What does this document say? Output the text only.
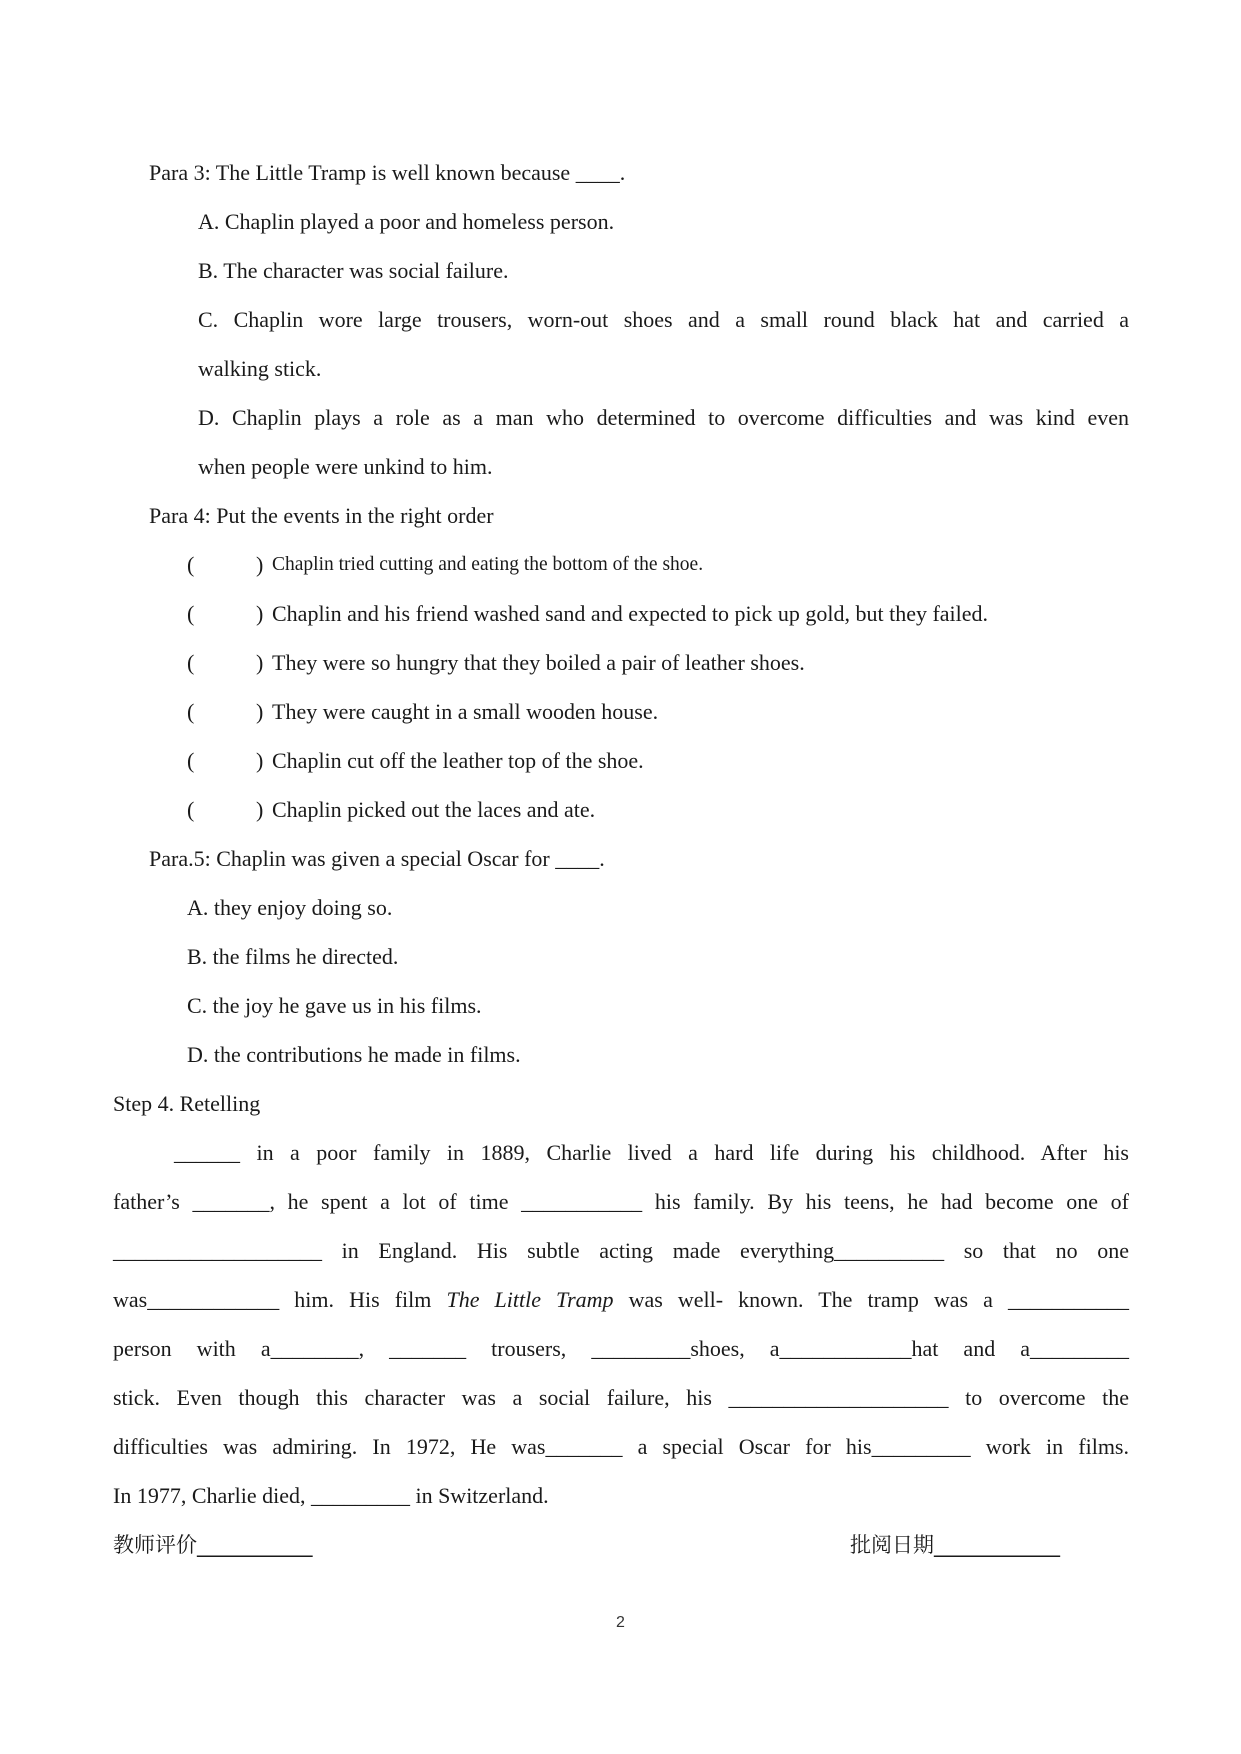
Para 3: The Little Tramp is well known because ____.
A. Chaplin played a poor and homeless person.
B. The character was social failure.
C. Chaplin wore large trousers, worn-out shoes and a small round black hat and carried a
walking stick.
D. Chaplin plays a role as a man who determined to overcome difficulties and was kind even
when people were unkind to him.
Para 4: Put the events in the right order
(	) Chaplin tried cutting and eating the bottom of the shoe.
(	) Chaplin and his friend washed sand and expected to pick up gold, but they failed.
(	) They were so hungry that they boiled a pair of leather shoes.
(	) They were caught in a small wooden house.
(	) Chaplin cut off the leather top of the shoe.
(	) Chaplin picked out the laces and ate.
Para.5: Chaplin was given a special Oscar for ____.
A. they enjoy doing so.
B. the films he directed.
C. the joy he gave us in his films.
D. the contributions he made in films.
Step 4. Retelling
______ in a poor family in 1889, Charlie lived a hard life during his childhood. After his
father’s _______, he spent a lot of time ___________ his family. By his teens, he had become one of
___________________ in England. His subtle acting made everything__________ so that no one
was____________ him. His film The Little Tramp was well- known. The tramp was a ___________
person with a________, _______ trousers, _________shoes, a____________hat and a_________
stick. Even though this character was a social failure, his ____________________ to overcome the
difficulties was admiring. In 1972, He was_______ a special Oscar for his_________ work in films.
In 1977, Charlie died, _________ in Switzerland.
教师评价___________	批阅日期____________
2
